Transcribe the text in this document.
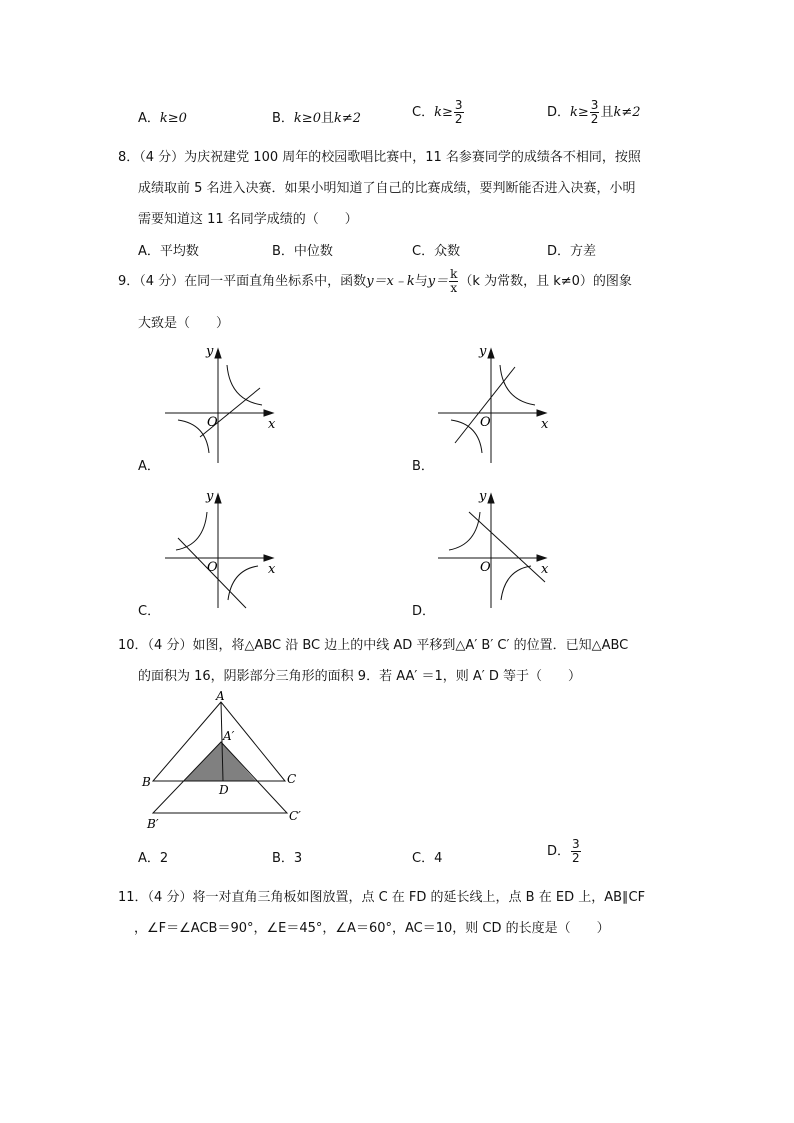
A．k≥0	B．k≥0且k≠2	C．$k\ge \frac{3}{2}$	D．$k\ge \frac{3}{2}$ 且k≠2
8．（4 分）为庆祝建党 100 周年的校园歌唱比赛中，11 名参赛同学的成绩各不相同，按照
成绩取前 5 名进入决赛．如果小明知道了自己的比赛成绩，要判断能否进入决赛，小明
需要知道这 11 名同学成绩的（　　）
A．平均数	B．中位数	C．众数	D．方差
9．（4 分）在同一平面直角坐标系中，函数y＝x﹣k与$y= \frac{k}{x} (k$ 为常数，且 k≠0）的图象
大致是（　　）
y
x
O
A．
y
x
O
B．
y
x
O
C．
y
x
O
D．
10．（4 分）如图，将△ABC 沿 BC 边上的中线 AD 平移到△A′ B′ C′ 的位置．已知△ABC
的面积为 16，阴影部分三角形的面积 9．若 AA′ ＝1，则 A′ D 等于（　　）
A
A′
B	C
D
B′
C′
A．2	B．3	C．4	D． $\frac{3}{2}$
11．（4 分）将一对直角三角板如图放置，点 C 在 FD 的延长线上，点 B 在 ED 上，AB∥CF
，∠F＝∠ACB＝90°，∠E＝45°，∠A＝60°，AC＝10，则 CD 的长度是（　　）
